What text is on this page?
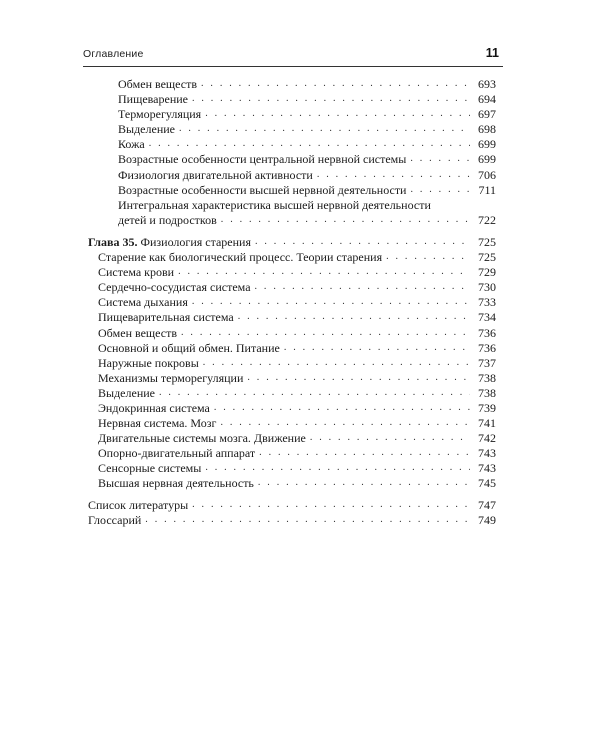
Оглавление	11
Обмен веществ . . .	693
Пищеварение . . .	694
Терморегуляция . . .	697
Выделение . . .	698
Кожа . . .	699
Возрастные особенности центральной нервной системы . . .	699
Физиология двигательной активности . . .	706
Возрастные особенности высшей нервной деятельности . . .	711
Интегральная характеристика высшей нервной деятельности
детей и подростков . . .	722
Глава 35. Физиология старения . . .	725
Старение как биологический процесс. Теории старения . . .	725
Система крови . . .	729
Сердечно-сосудистая система . . .	730
Система дыхания . . .	733
Пищеварительная система . . .	734
Обмен веществ . . .	736
Основной и общий обмен. Питание . . .	736
Наружные покровы . . .	737
Механизмы терморегуляции . . .	738
Выделение . . .	738
Эндокринная система . . .	739
Нервная система. Мозг . . .	741
Двигательные системы мозга. Движение . . .	742
Опорно-двигательный аппарат . . .	743
Сенсорные системы . . .	743
Высшая нервная деятельность . . .	745
Список литературы . . .	747
Глоссарий . . .	749
